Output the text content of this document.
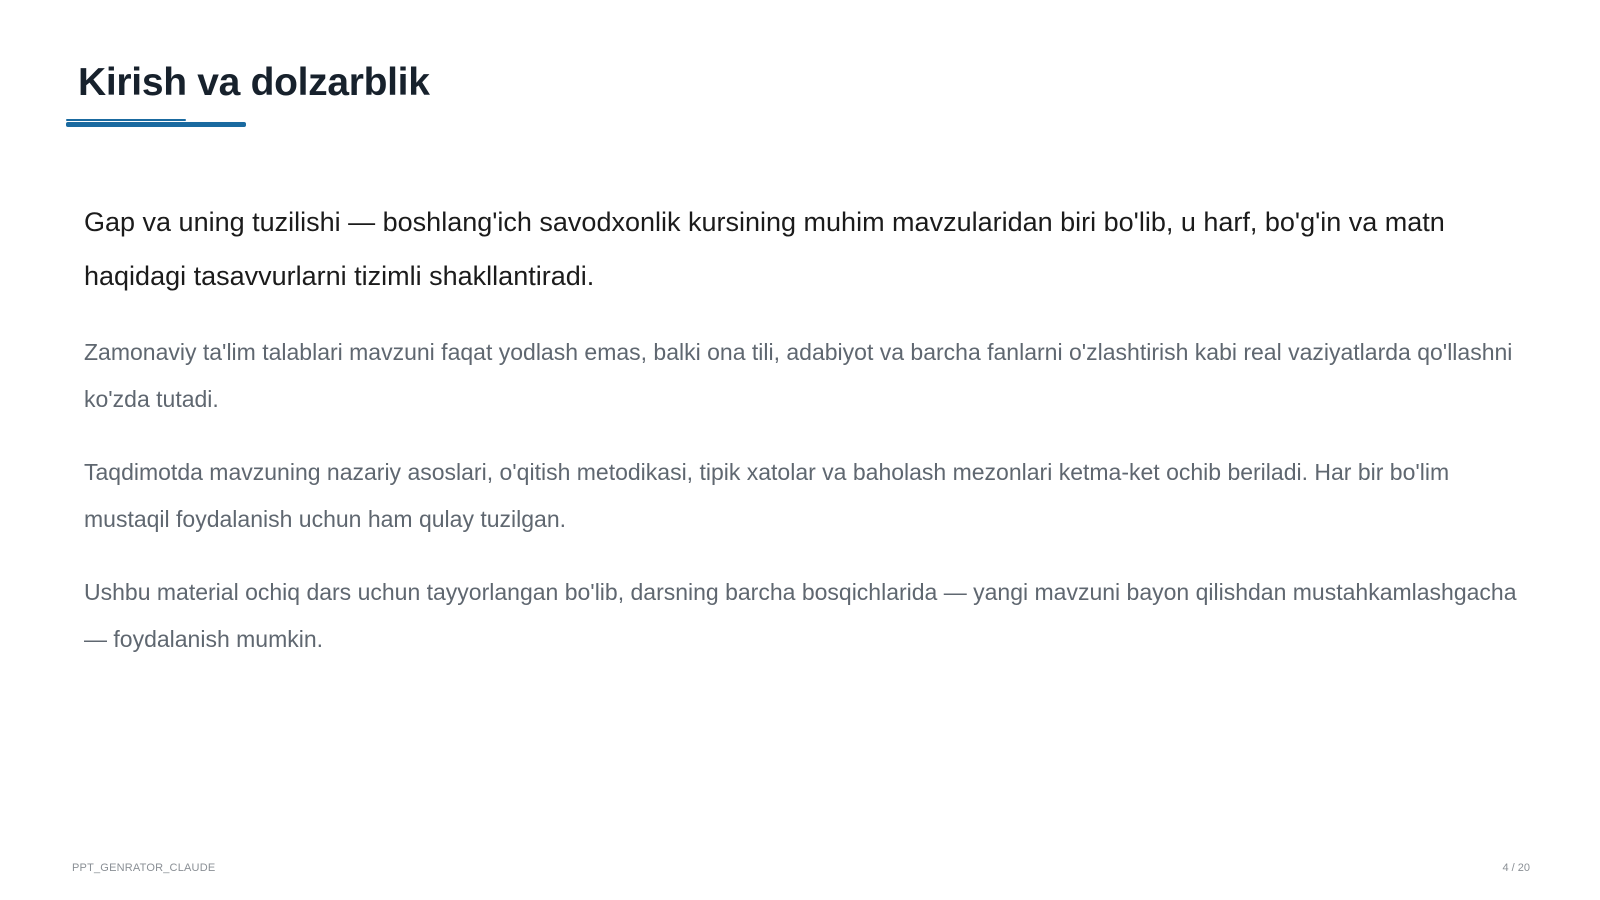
Kirish va dolzarblik

Gap va uning tuzilishi — boshlang'ich savodxonlik kursining muhim mavzularidan biri bo'lib, u harf, bo'g'in va matn haqidagi tasavvurlarni tizimli shakllantiradi.

Zamonaviy ta'lim talablari mavzuni faqat yodlash emas, balki ona tili, adabiyot va barcha fanlarni o'zlashtirish kabi real vaziyatlarda qo'llashni ko'zda tutadi.

Taqdimotda mavzuning nazariy asoslari, o'qitish metodikasi, tipik xatolar va baholash mezonlari ketma-ket ochib beriladi. Har bir bo'lim mustaqil foydalanish uchun ham qulay tuzilgan.

Ushbu material ochiq dars uchun tayyorlangan bo'lib, darsning barcha bosqichlarida — yangi mavzuni bayon qilishdan mustahkamlashgacha — foydalanish mumkin.

PPT_GENRATOR_CLAUDE	4 / 20
